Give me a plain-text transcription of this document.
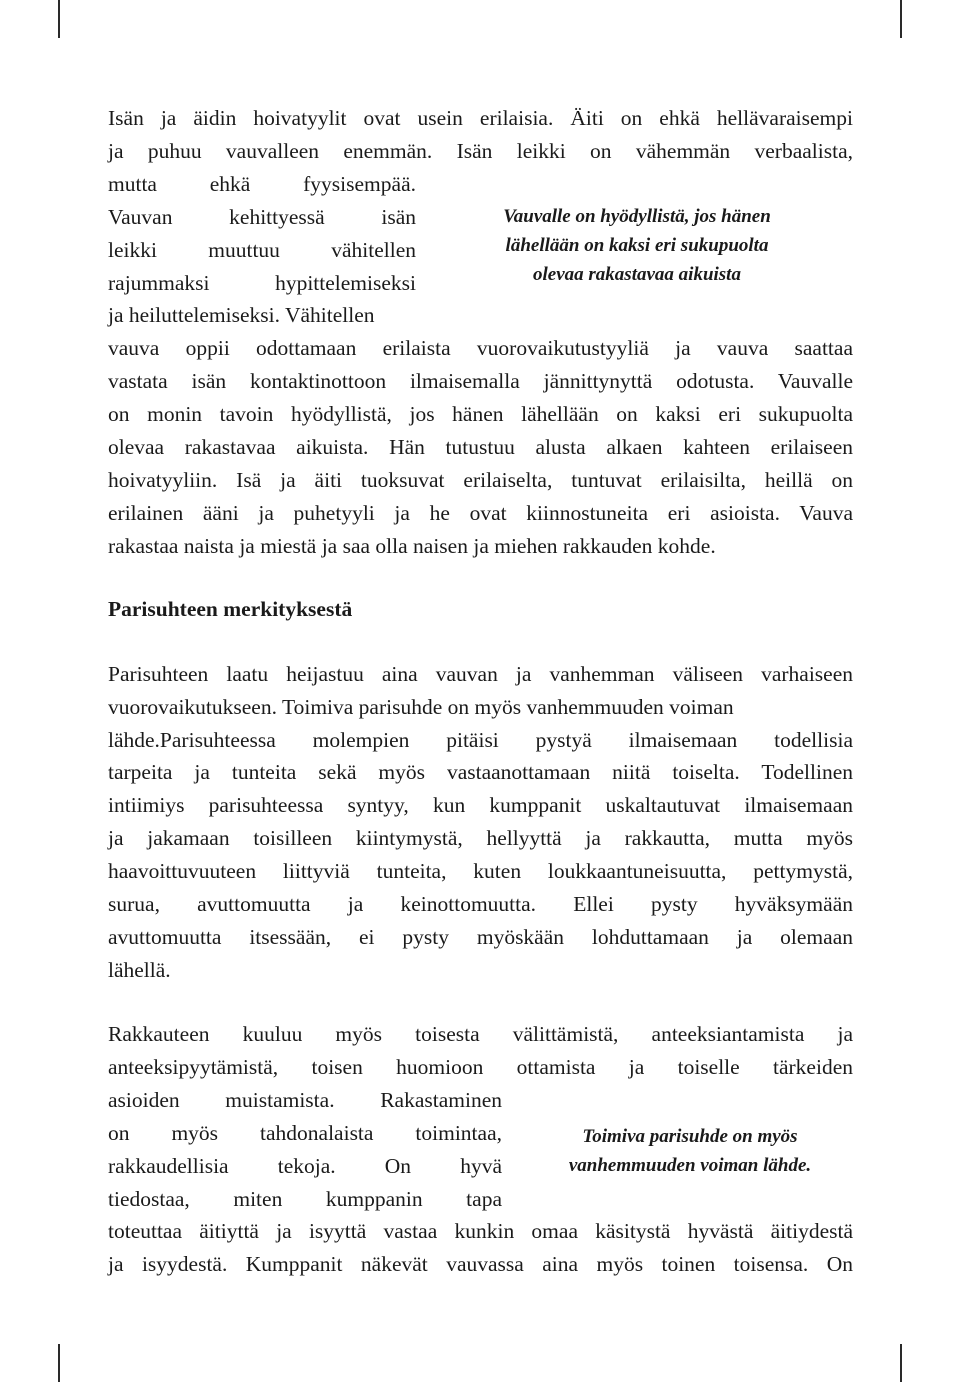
Isän ja äidin hoivatyylit ovat usein erilaisia. Äiti on ehkä hellävaraisempi
ja puhuu vauvalleen enemmän. Isän leikki on vähemmän verbaalista,
mutta ehkä fyysisempää.
Vauvan kehittyessä isän
leikki muuttuu vähitellen
rajummaksi hypittelemiseksi
ja heiluttelemiseksi. Vähitellen
vauva oppii odottamaan erilaista vuorovaikutustyyliä ja vauva saattaa
vastata isän kontaktinottoon ilmaisemalla jännittynyttä odotusta. Vauvalle
on monin tavoin hyödyllistä, jos hänen lähellään on kaksi eri sukupuolta
olevaa rakastavaa aikuista. Hän tutustuu alusta alkaen kahteen erilaiseen
hoivatyyliin. Isä ja äiti tuoksuvat erilaiselta, tuntuvat erilaisilta, heillä on
erilainen ääni ja puhetyyli ja he ovat kiinnostuneita eri asioista. Vauva
rakastaa naista ja miestä ja saa olla naisen ja miehen rakkauden kohde.
Vauvalle on hyödyllistä, jos hänen
lähellään on kaksi eri sukupuolta
olevaa rakastavaa aikuista
Parisuhteen merkityksestä
Parisuhteen laatu heijastuu aina vauvan ja vanhemman väliseen varhaiseen
vuorovaikutukseen. Toimiva parisuhde on myös vanhemmuuden voiman
lähde.Parisuhteessa molempien pitäisi pystyä ilmaisemaan todellisia
tarpeita ja tunteita sekä myös vastaanottamaan niitä toiselta. Todellinen
intiimiys parisuhteessa syntyy, kun kumppanit uskaltautuvat ilmaisemaan
ja jakamaan toisilleen kiintymystä, hellyyttä ja rakkautta, mutta myös
haavoittuvuuteen liittyviä tunteita, kuten loukkaantuneisuutta, pettymystä,
surua, avuttomuutta ja keinottomuutta. Ellei pysty hyväksymään
avuttomuutta itsessään, ei pysty myöskään lohduttamaan ja olemaan
lähellä.
Rakkauteen kuuluu myös toisesta välittämistä, anteeksiantamista ja
anteeksipyytämistä, toisen huomioon ottamista ja toiselle tärkeiden
asioiden muistamista. Rakastaminen
on myös tahdonalaista toimintaa,
rakkaudellisia tekoja. On hyvä
tiedostaa, miten kumppanin tapa
toteuttaa äitiyttä ja isyyttä vastaa kunkin omaa käsitystä hyvästä äitiydestä
ja isyydestä. Kumppanit näkevät vauvassa aina myös toinen toisensa. On
Toimiva parisuhde on myös
vanhemmuuden voiman lähde.
